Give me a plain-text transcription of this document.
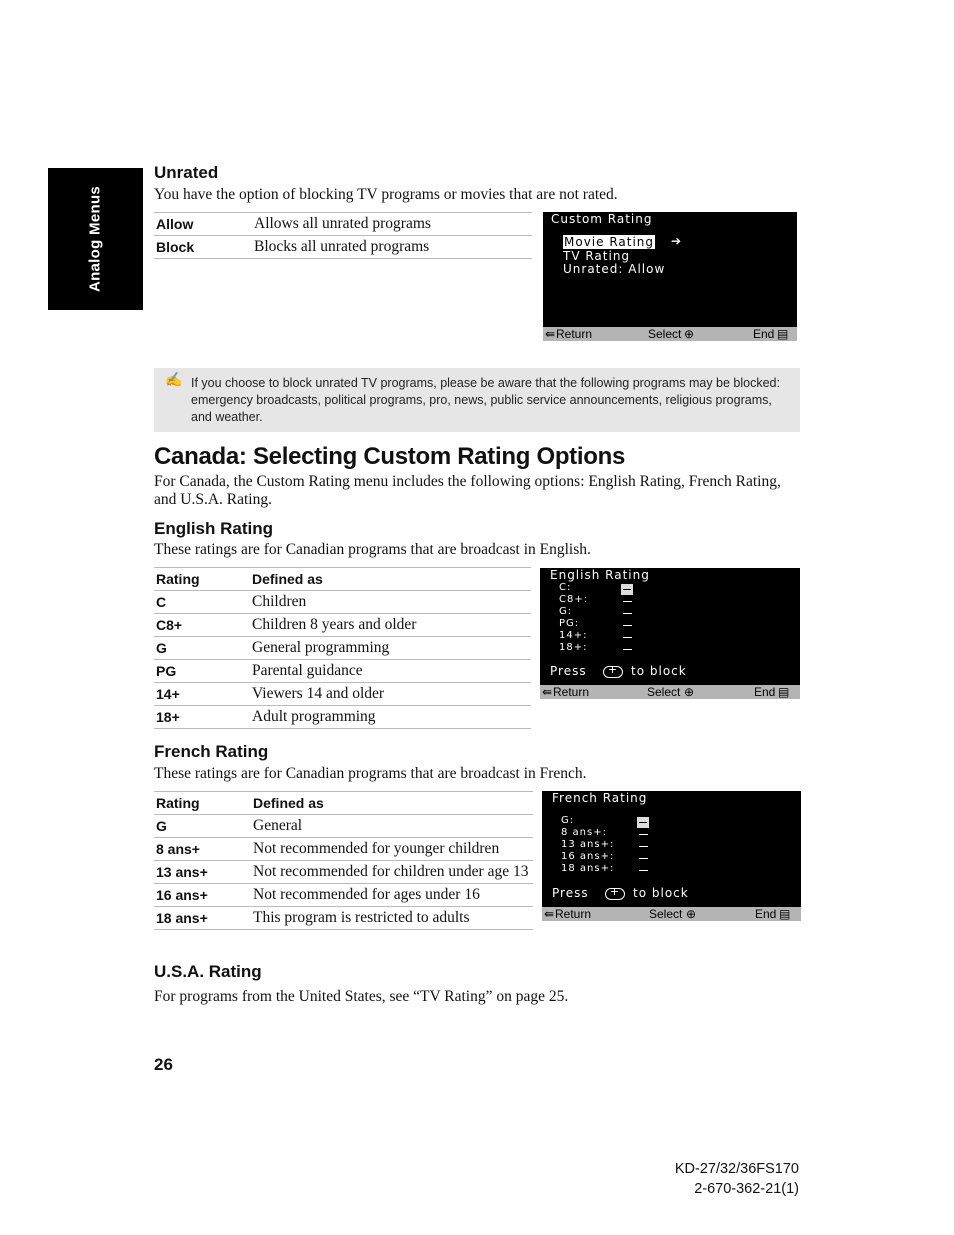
Analog Menus
Unrated
You have the option of blocking TV programs or movies that are not rated.
Allow	Allows all unrated programs
Block	Blocks all unrated programs
Custom Rating
Movie Rating ➔
TV Rating
Unrated: Allow
⇚ Return	Select ⊕	End ▤
✍ If you choose to block unrated TV programs, please be aware that the following programs may be blocked: emergency broadcasts, political programs, pro, news, public service announcements, religious programs, and weather.
Canada: Selecting Custom Rating Options
For Canada, the Custom Rating menu includes the following options: English Rating, French Rating, and U.S.A. Rating.
English Rating
These ratings are for Canadian programs that are broadcast in English.
Rating	Defined as
C	Children
C8+	Children 8 years and older
G	General programming
PG	Parental guidance
14+	Viewers 14 and older
18+	Adult programming
English Rating
C:
C8+:
G:
PG:
14+:
18+:
Press +	to block
⇚ Return	Select ⊕	End ▤
French Rating
These ratings are for Canadian programs that are broadcast in French.
Rating	Defined as
G	General
8 ans+	Not recommended for younger children
13 ans+	Not recommended for children under age 13
16 ans+	Not recommended for ages under 16
18 ans+	This program is restricted to adults
French Rating
G:
8 ans+:
13 ans+:
16 ans+:
18 ans+:
Press +	to block
⇚ Return	Select ⊕	End ▤
U.S.A. Rating
For programs from the United States, see “TV Rating” on page 25.
26
KD-27/32/36FS170
2-670-362-21(1)
